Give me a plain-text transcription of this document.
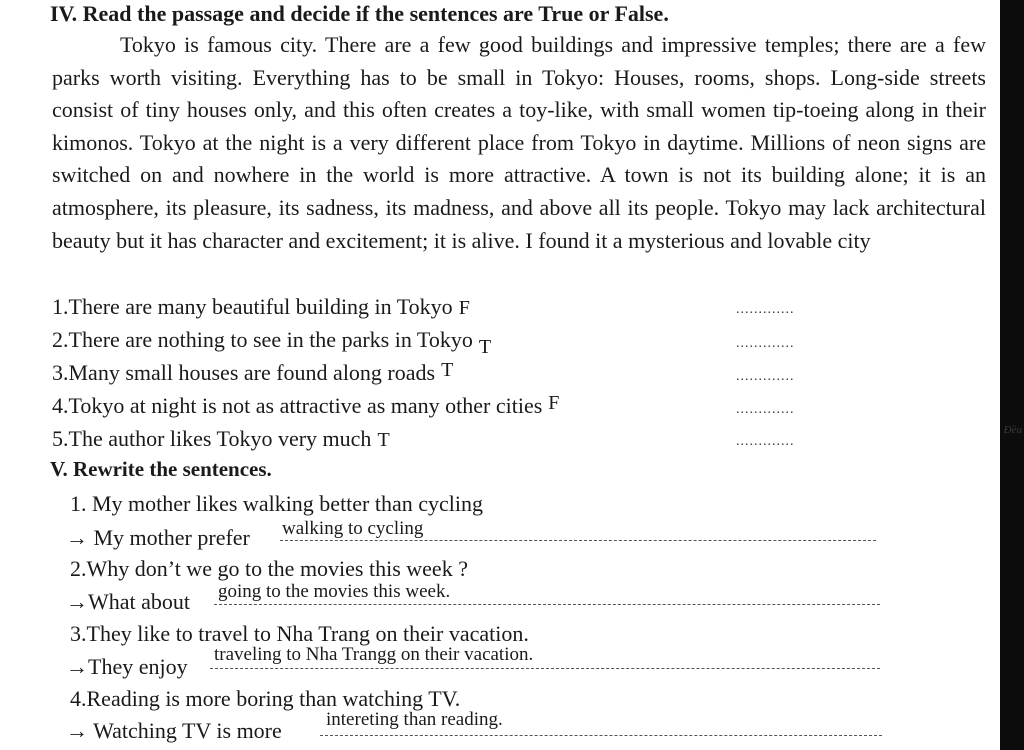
IV. Read the passage and decide if the sentences are True or False.

Tokyo is famous city. There are a few good buildings and impressive temples; there are a few parks worth visiting. Everything has to be small in Tokyo: Houses, rooms, shops. Long-side streets consist of tiny houses only, and this often creates a toy-like, with small women tip-toeing along in their kimonos. Tokyo at the night is a very different place from Tokyo in daytime. Millions of neon signs are switched on and nowhere in the world is more attractive. A town is not its building alone; it is an atmosphere, its pleasure, its sadness, its madness, and above all its people. Tokyo may lack architectural beauty but it has character and excitement; it is alive. I found it a mysterious and lovable city

1.There are many beautiful building in Tokyo F	.............
2.There are nothing to see in the parks in Tokyo T	.............
3.Many small houses are found along roads T	.............
4.Tokyo at night is not as attractive as many other cities F	.............
5.The author likes Tokyo very much T	.............
V. Rewrite the sentences.
1. My mother likes walking better than cycling
→ My mother prefer walking to cycling
2.Why don’t we go to the movies this week ?
→What about going to the movies this week.
3.They like to travel to Nha Trang on their vacation.
→They enjoy traveling to Nha Trangg on their vacation.
4.Reading is more boring than watching TV.
→ Watching TV is more intereting than reading.
Đều
